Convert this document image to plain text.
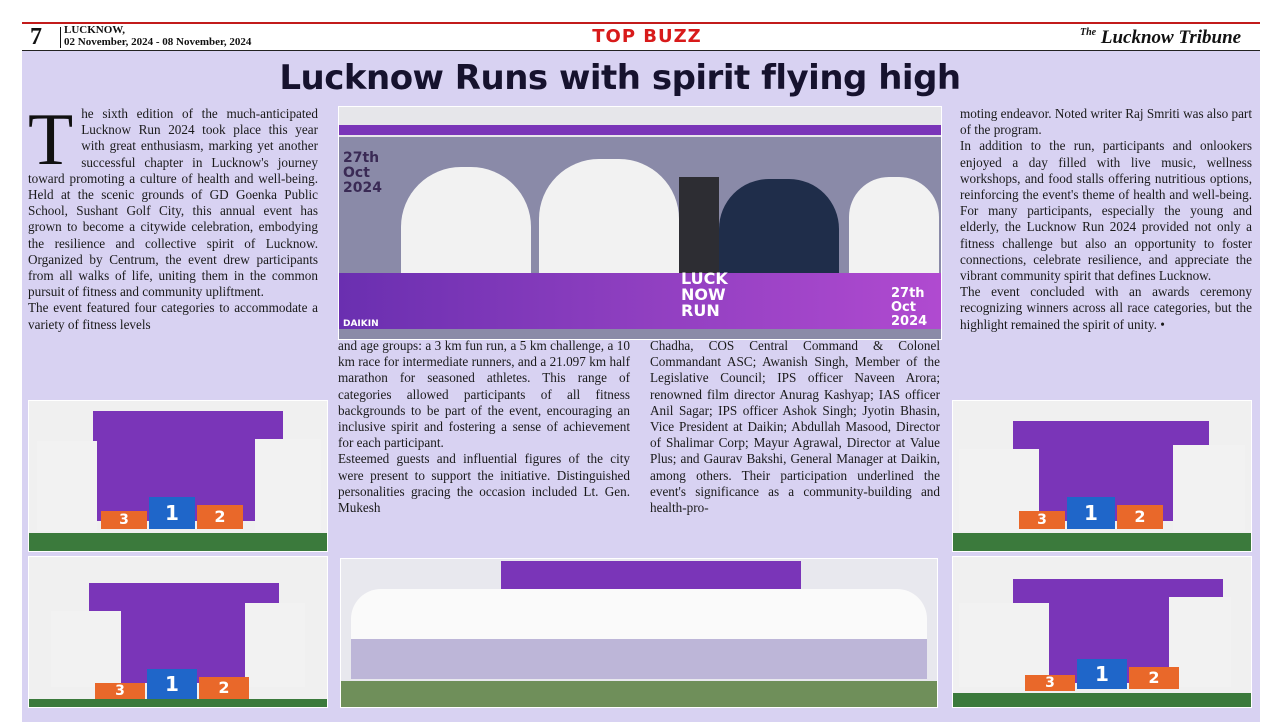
7 LUCKNOW,
02 November, 2024 - 08 November, 2024	TOP BUZZ	$^{The}$ Lucknow Tribune
Lucknow Runs with spirit flying high
T he sixth edition of the much-anticipated Lucknow Run 2024 took place this year with great enthusiasm, marking yet another successful chapter in Lucknow's journey toward promoting a culture of health and well-being. Held at the scenic grounds of GD Goenka Public School, Sushant Golf City, this annual event has grown to become a citywide celebration, embodying the resilience and collective spirit of Lucknow. Organized by Centrum, the event drew participants from all walks of life, uniting them in the common pursuit of fitness and community upliftment.

The event featured four categories to accommodate a variety of fitness levels

27th Oct 2024
LUCK
NOW
RUN
27th
Oct
2024
DAIKIN

and age groups: a 3 km fun run, a 5 km challenge, a 10 km race for intermediate runners, and a 21.097 km half marathon for seasoned athletes. This range of categories allowed participants of all fitness backgrounds to be part of the event, encouraging an inclusive spirit and fostering a sense of achievement for each participant.

Esteemed guests and influential figures of the city were present to support the initiative. Distinguished personalities gracing the occasion included Lt. Gen. Mukesh

Chadha, COS Central Command & Colonel Commandant ASC; Awanish Singh, Member of the Legislative Council; IPS officer Naveen Arora; renowned film director Anurag Kashyap; IAS officer Anil Sagar; IPS officer Ashok Singh; Jyotin Bhasin, Vice President at Daikin; Abdullah Masood, Director of Shalimar Corp; Mayur Agrawal, Director at Value Plus; and Gaurav Bakshi, General Manager at Daikin, among others. Their participation underlined the event's significance as a community-building and health-pro-

moting endeavor. Noted writer Raj Smriti was also part of the program.

In addition to the run, participants and onlookers enjoyed a day filled with live music, wellness workshops, and food stalls offering nutritious options, reinforcing the event's theme of health and well-being. For many participants, especially the young and elderly, the Lucknow Run 2024 provided not only a fitness challenge but also an opportunity to foster connections, celebrate resilience, and appreciate the vibrant community spirit that defines Lucknow.

The event concluded with an awards ceremony recognizing winners across all race categories, but the highlight remained the spirit of unity. •

1	2
3	1	2
3
1	2
3
1	2
3
